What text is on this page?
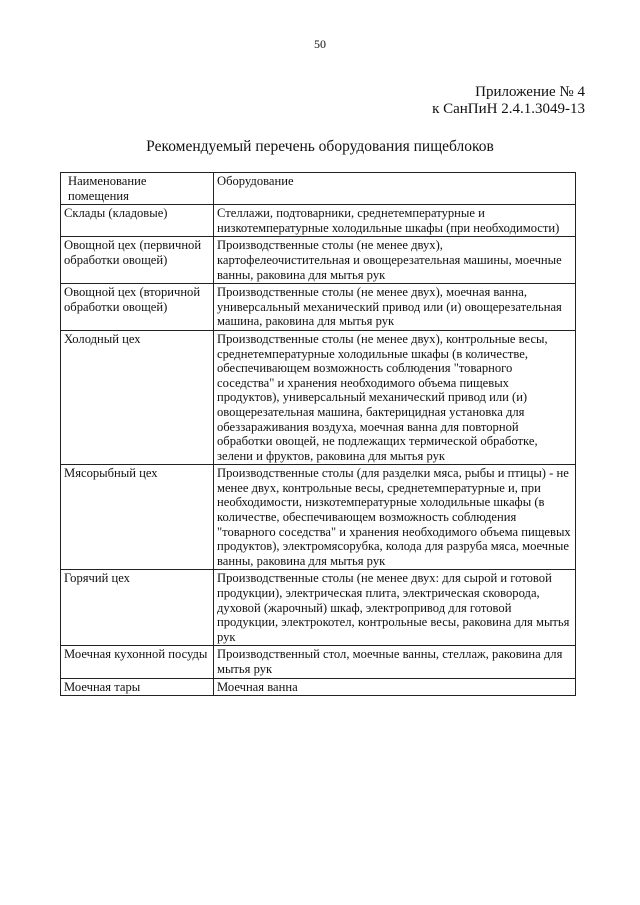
50
Приложение № 4
к СанПиН 2.4.1.3049-13
Рекомендуемый перечень оборудования пищеблоков
Наименование помещения	Оборудование
Склады (кладовые)	Стеллажи, подтоварники, среднетемпературные и низкотемпературные холодильные шкафы (при необходимости)
Овощной цех (первичной обработки овощей)	Производственные столы (не менее двух), картофелеочистительная и овощерезательная машины, моечные ванны, раковина для мытья рук
Овощной цех (вторичной обработки овощей)	Производственные столы (не менее двух), моечная ванна, универсальный механический привод или (и) овощерезательная машина, раковина для мытья рук
Холодный цех	Производственные столы (не менее двух), контрольные весы, среднетемпературные холодильные шкафы (в количестве, обеспечивающем возможность соблюдения "товарного соседства" и хранения необходимого объема пищевых продуктов), универсальный механический привод или (и) овощерезательная машина, бактерицидная установка для обеззараживания воздуха, моечная ванна для повторной обработки овощей, не подлежащих термической обработке, зелени и фруктов, раковина для мытья рук
Мясорыбный цех	Производственные столы (для разделки мяса, рыбы и птицы) - не менее двух, контрольные весы, среднетемпературные и, при необходимости, низкотемпературные холодильные шкафы (в количестве, обеспечивающем возможность соблюдения "товарного соседства" и хранения необходимого объема пищевых продуктов), электромясорубка, колода для разруба мяса, моечные ванны, раковина для мытья рук
Горячий цех	Производственные столы (не менее двух: для сырой и готовой продукции), электрическая плита, электрическая сковорода, духовой (жарочный) шкаф, электропривод для готовой продукции, электрокотел, контрольные весы, раковина для мытья рук
Моечная кухонной посуды	Производственный стол, моечные ванны, стеллаж, раковина для мытья рук
Моечная тары	Моечная ванна
